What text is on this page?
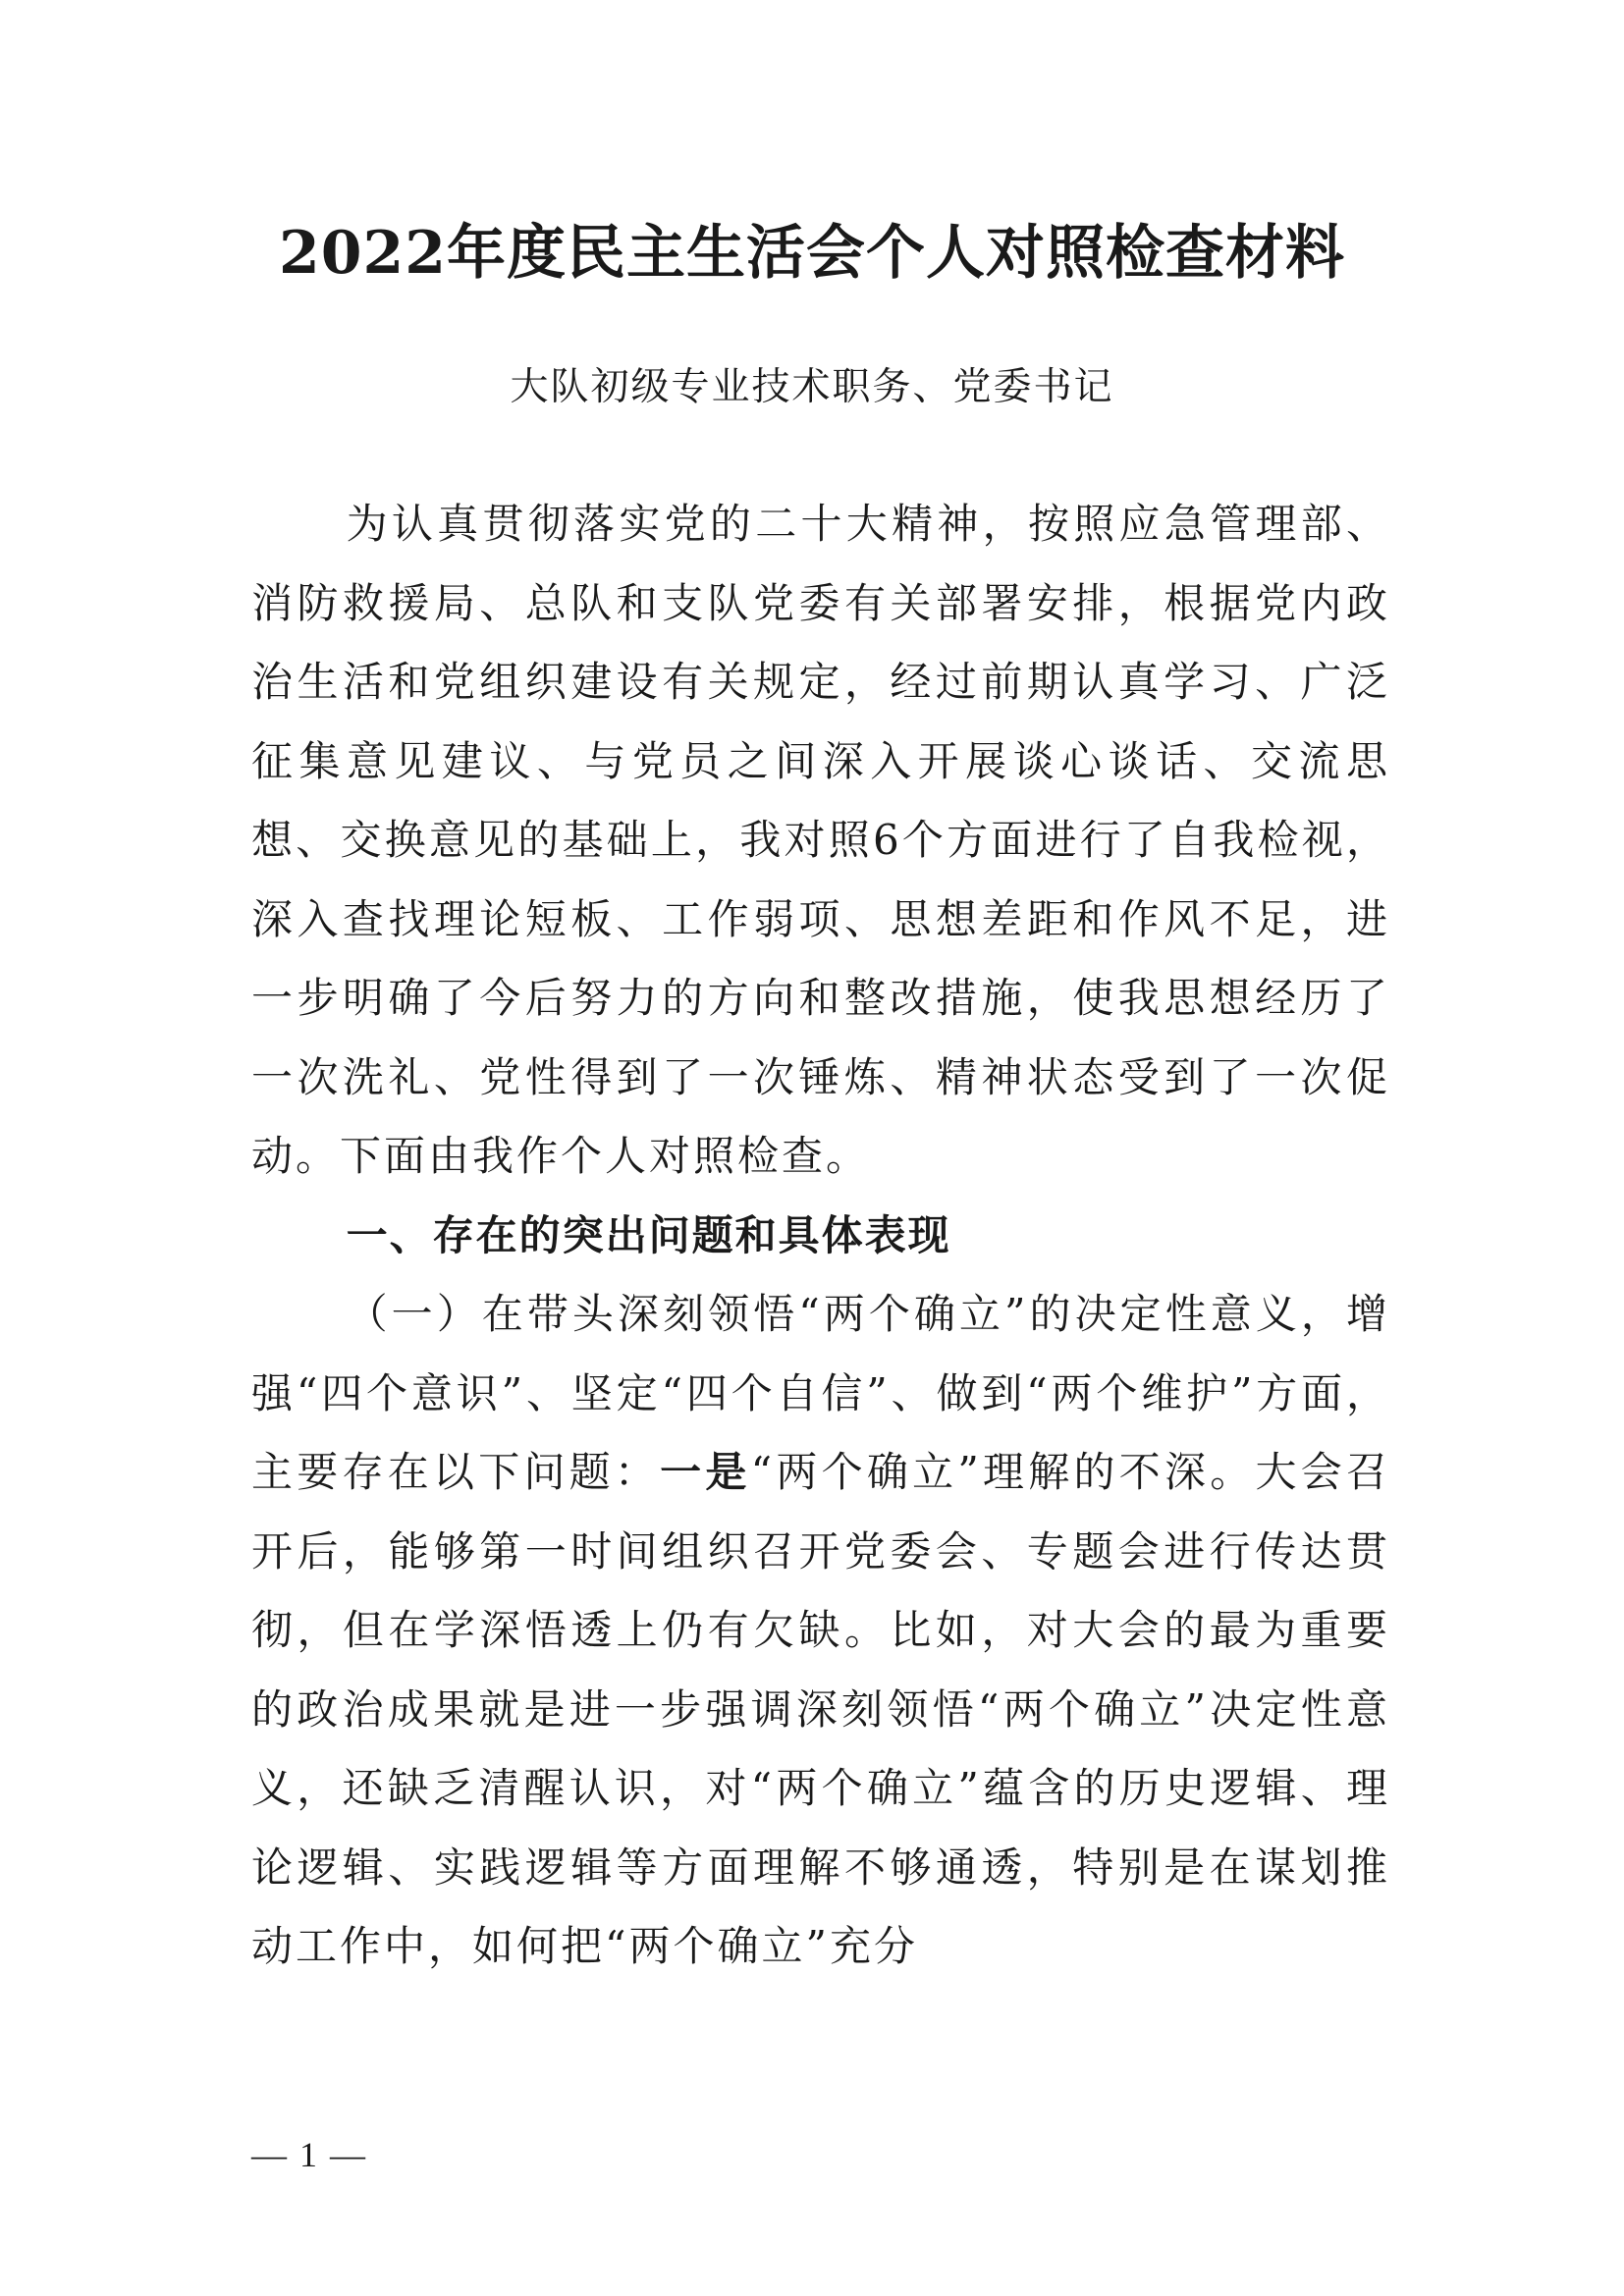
2022年度民主生活会个人对照检查材料
大队初级专业技术职务、党委书记

为认真贯彻落实党的二十大精神，按照应急管理部、消防救援局、总队和支队党委有关部署安排，根据党内政治生活和党组织建设有关规定，经过前期认真学习、广泛征集意见建议、与党员之间深入开展谈心谈话、交流思想、交换意见的基础上，我对照6个方面进行了自我检视，深入查找理论短板、工作弱项、思想差距和作风不足，进一步明确了今后努力的方向和整改措施，使我思想经历了一次洗礼、党性得到了一次锤炼、精神状态受到了一次促动。下面由我作个人对照检查。

一、存在的突出问题和具体表现

（一）在带头深刻领悟“两个确立”的决定性意义，增强“四个意识”、坚定“四个自信”、做到“两个维护”方面，主要存在以下问题：一是“两个确立”理解的不深。大会召开后，能够第一时间组织召开党委会、专题会进行传达贯彻，但在学深悟透上仍有欠缺。比如，对大会的最为重要的政治成果就是进一步强调深刻领悟“两个确立”决定性意义，还缺乏清醒认识，对“两个确立”蕴含的历史逻辑、理论逻辑、实践逻辑等方面理解不够通透，特别是在谋划推动工作中，如何把“两个确立”充分

— 1 —
